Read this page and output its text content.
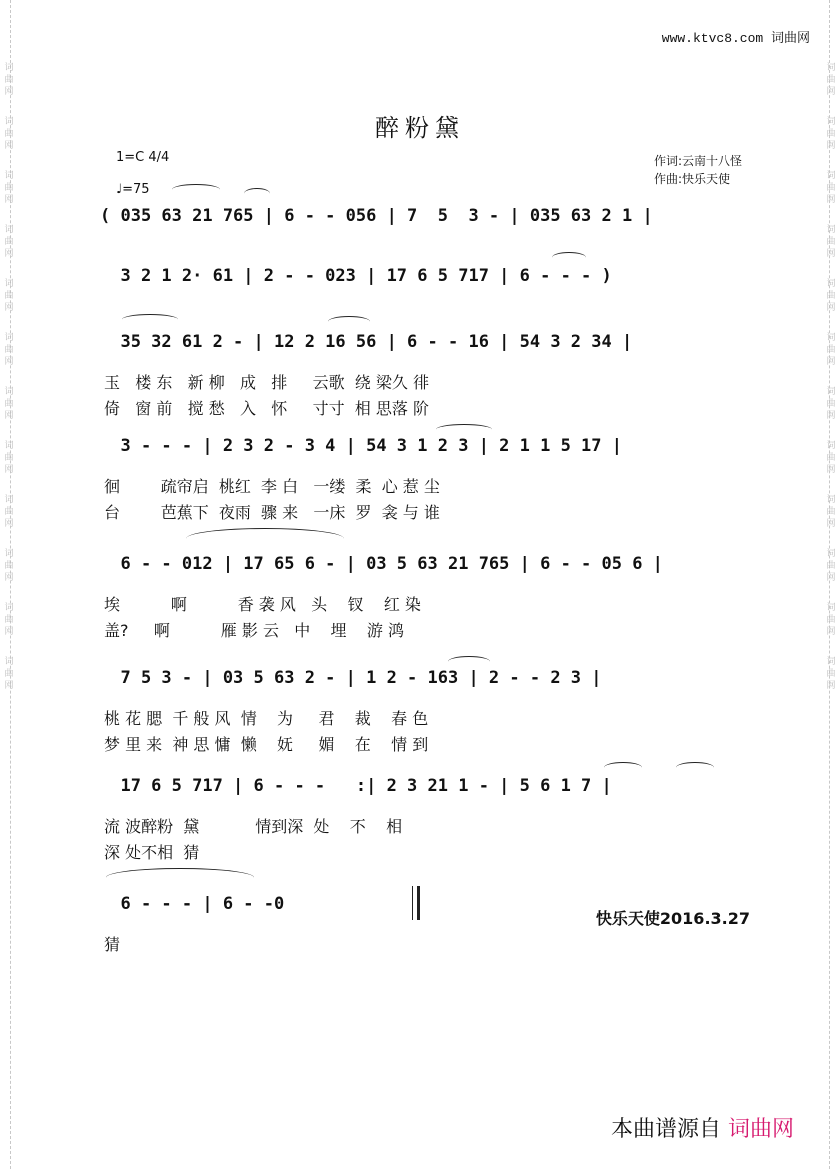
词 曲 网
词 曲 网
词 曲 网
词 曲 网
词 曲 网
词 曲 网
词 曲 网
词 曲 网
词 曲 网
词 曲 网
词 曲 网
词 曲 网
词 曲 网
词 曲 网
词 曲 网
词 曲 网
词 曲 网
词 曲 网
词 曲 网
词 曲 网
词 曲 网
词 曲 网
词 曲 网
词 曲 网
www.ktvc8.com 词曲网
醉粉黛
1=C 4/4
♩=75
作词:云南十八怪
作曲:快乐天使
( 035 63 21 765 | 6 - - 056 | 7  5  3 - | 035 63 2 1 |
3 2 1 2· 61 | 2 - - 023 | 17 6 5 717 | 6 - - - )
35 32 61 2 - | 12 2 16 56 | 6 - - 16 | 54 3 2 34 |
玉   楼 东   新 柳   成   排     云歌  绕 梁久 徘
倚   窗 前   搅 愁   入   怀     寸寸  相 思落 阶
3 - - - | 2 3 2 - 3 4 | 54 3 1 2 3 | 2 1 1 5 17 |
徊        疏帘启  桃红  李 白   一缕  柔  心 惹 尘
台        芭蕉下  夜雨  骤 来   一床  罗  衾 与 谁
6 - - 012 | 17 65 6 - | 03 5 63 21 765 | 6 - - 05 6 |
埃          啊          香 袭 风   头    钗    红 染
盖?     啊          雁 影 云   中    埋    游 鸿
7 5 3 - | 03 5 63 2 - | 1 2 - 163 | 2 - - 2 3 |
桃 花 腮  千 般 风  情    为     君    裁    春 色
梦 里 来  神 思 慵  懒    妩     媚    在    情 到
17 6 5 717 | 6 - - -   :| 2 3 21 1 - | 5 6 1 7 |
流 波醉粉  黛           情到深  处    不    相
深 处不相  猜
6 - - - | 6 - -0
猜
快乐天使2016.3.27
本曲谱源自 词曲网
